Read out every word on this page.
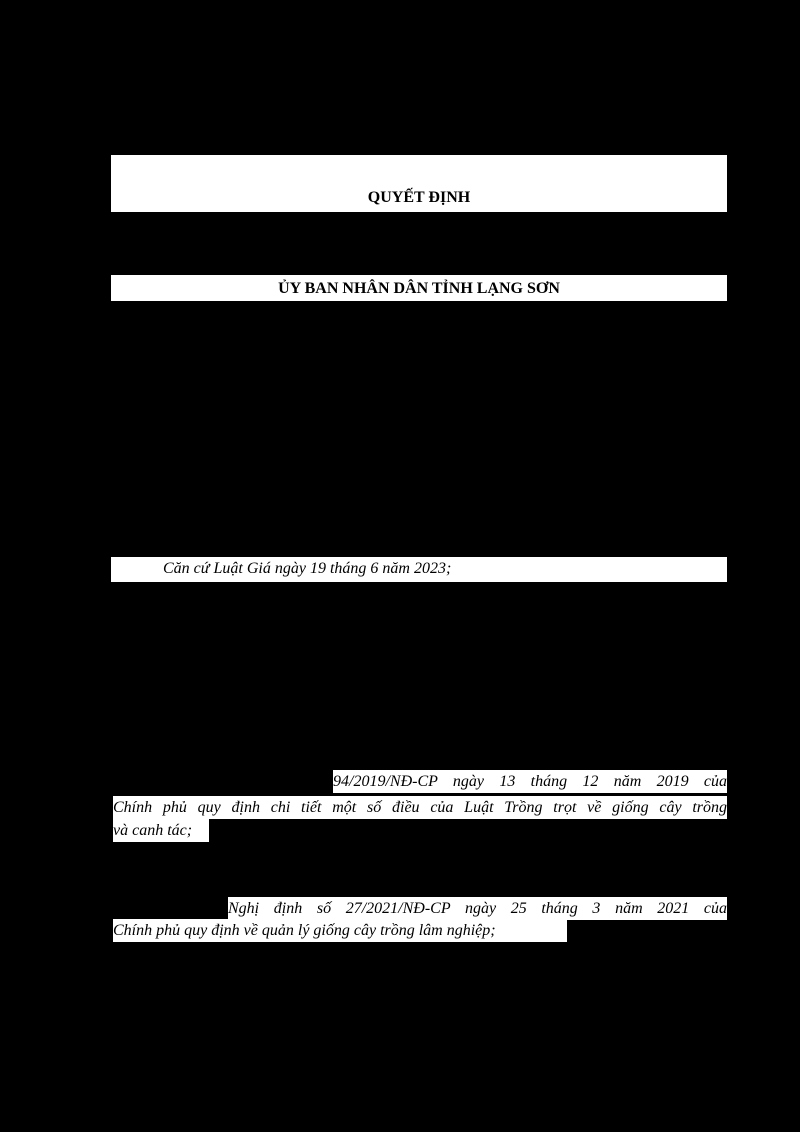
QUYẾT ĐỊNH
ỦY BAN NHÂN DÂN TỈNH LẠNG SƠN
Căn cứ Luật Giá ngày 19 tháng 6 năm 2023;
94/2019/NĐ-CP ngày 13 tháng 12 năm 2019 của
Chính phủ quy định chi tiết một số điều của Luật Trồng trọt về giống cây trồng
và canh tác;
Nghị định số 27/2021/NĐ-CP ngày 25 tháng 3 năm 2021 của
Chính phủ quy định về quản lý giống cây trồng lâm nghiệp;
